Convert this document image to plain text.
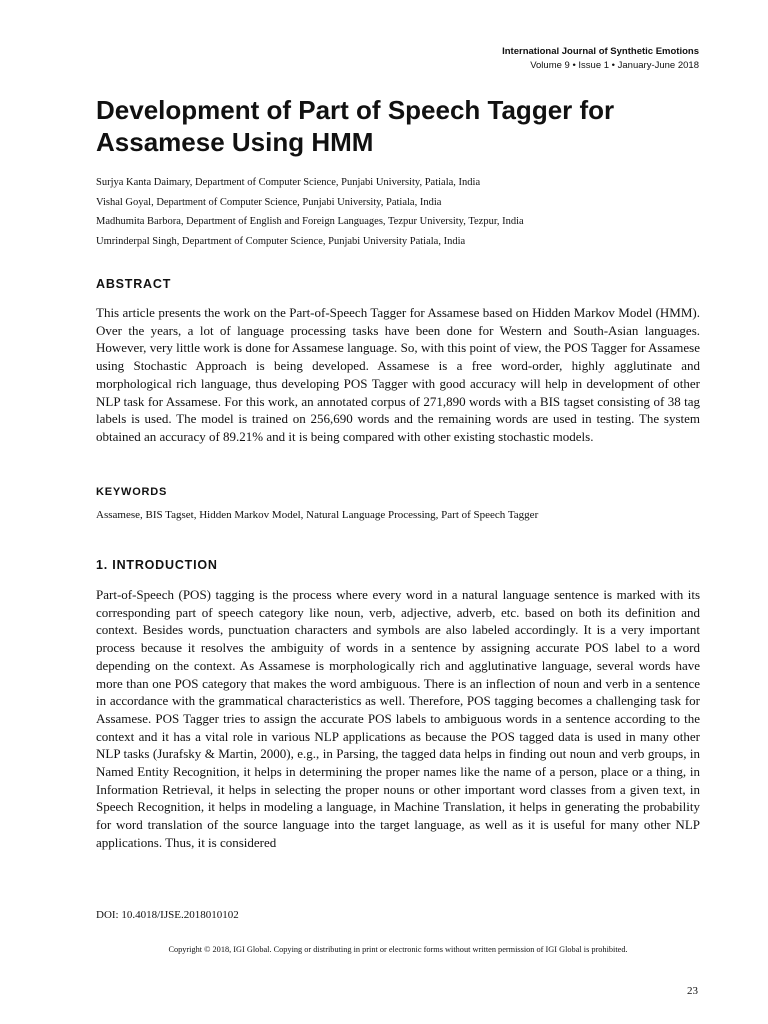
International Journal of Synthetic Emotions
Volume 9 • Issue 1 • January-June 2018
Development of Part of Speech Tagger for Assamese Using HMM
Surjya Kanta Daimary, Department of Computer Science, Punjabi University, Patiala, India
Vishal Goyal, Department of Computer Science, Punjabi University, Patiala, India
Madhumita Barbora, Department of English and Foreign Languages, Tezpur University, Tezpur, India
Umrinderpal Singh, Department of Computer Science, Punjabi University Patiala, India
ABSTRACT

This article presents the work on the Part-of-Speech Tagger for Assamese based on Hidden Markov Model (HMM). Over the years, a lot of language processing tasks have been done for Western and South-Asian languages. However, very little work is done for Assamese language. So, with this point of view, the POS Tagger for Assamese using Stochastic Approach is being developed. Assamese is a free word-order, highly agglutinate and morphological rich language, thus developing POS Tagger with good accuracy will help in development of other NLP task for Assamese. For this work, an annotated corpus of 271,890 words with a BIS tagset consisting of 38 tag labels is used. The model is trained on 256,690 words and the remaining words are used in testing. The system obtained an accuracy of 89.21% and it is being compared with other existing stochastic models.

KEYWORDS

Assamese, BIS Tagset, Hidden Markov Model, Natural Language Processing, Part of Speech Tagger

1. INTRODUCTION

Part-of-Speech (POS) tagging is the process where every word in a natural language sentence is marked with its corresponding part of speech category like noun, verb, adjective, adverb, etc. based on both its definition and context. Besides words, punctuation characters and symbols are also labeled accordingly. It is a very important process because it resolves the ambiguity of words in a sentence by assigning accurate POS label to a word depending on the context. As Assamese is morphologically rich and agglutinative language, several words have more than one POS category that makes the word ambiguous. There is an inflection of noun and verb in a sentence in accordance with the grammatical characteristics as well. Therefore, POS tagging becomes a challenging task for Assamese. POS Tagger tries to assign the accurate POS labels to ambiguous words in a sentence according to the context and it has a vital role in various NLP applications as because the POS tagged data is used in many other NLP tasks (Jurafsky & Martin, 2000), e.g., in Parsing, the tagged data helps in finding out noun and verb groups, in Named Entity Recognition, it helps in determining the proper names like the name of a person, place or a thing, in Information Retrieval, it helps in selecting the proper nouns or other important word classes from a given text, in Speech Recognition, it helps in modeling a language, in Machine Translation, it helps in generating the probability for word translation of the source language into the target language, as well as it is useful for many other NLP applications. Thus, it is considered

DOI: 10.4018/IJSE.2018010102
Copyright © 2018, IGI Global. Copying or distributing in print or electronic forms without written permission of IGI Global is prohibited.
23
